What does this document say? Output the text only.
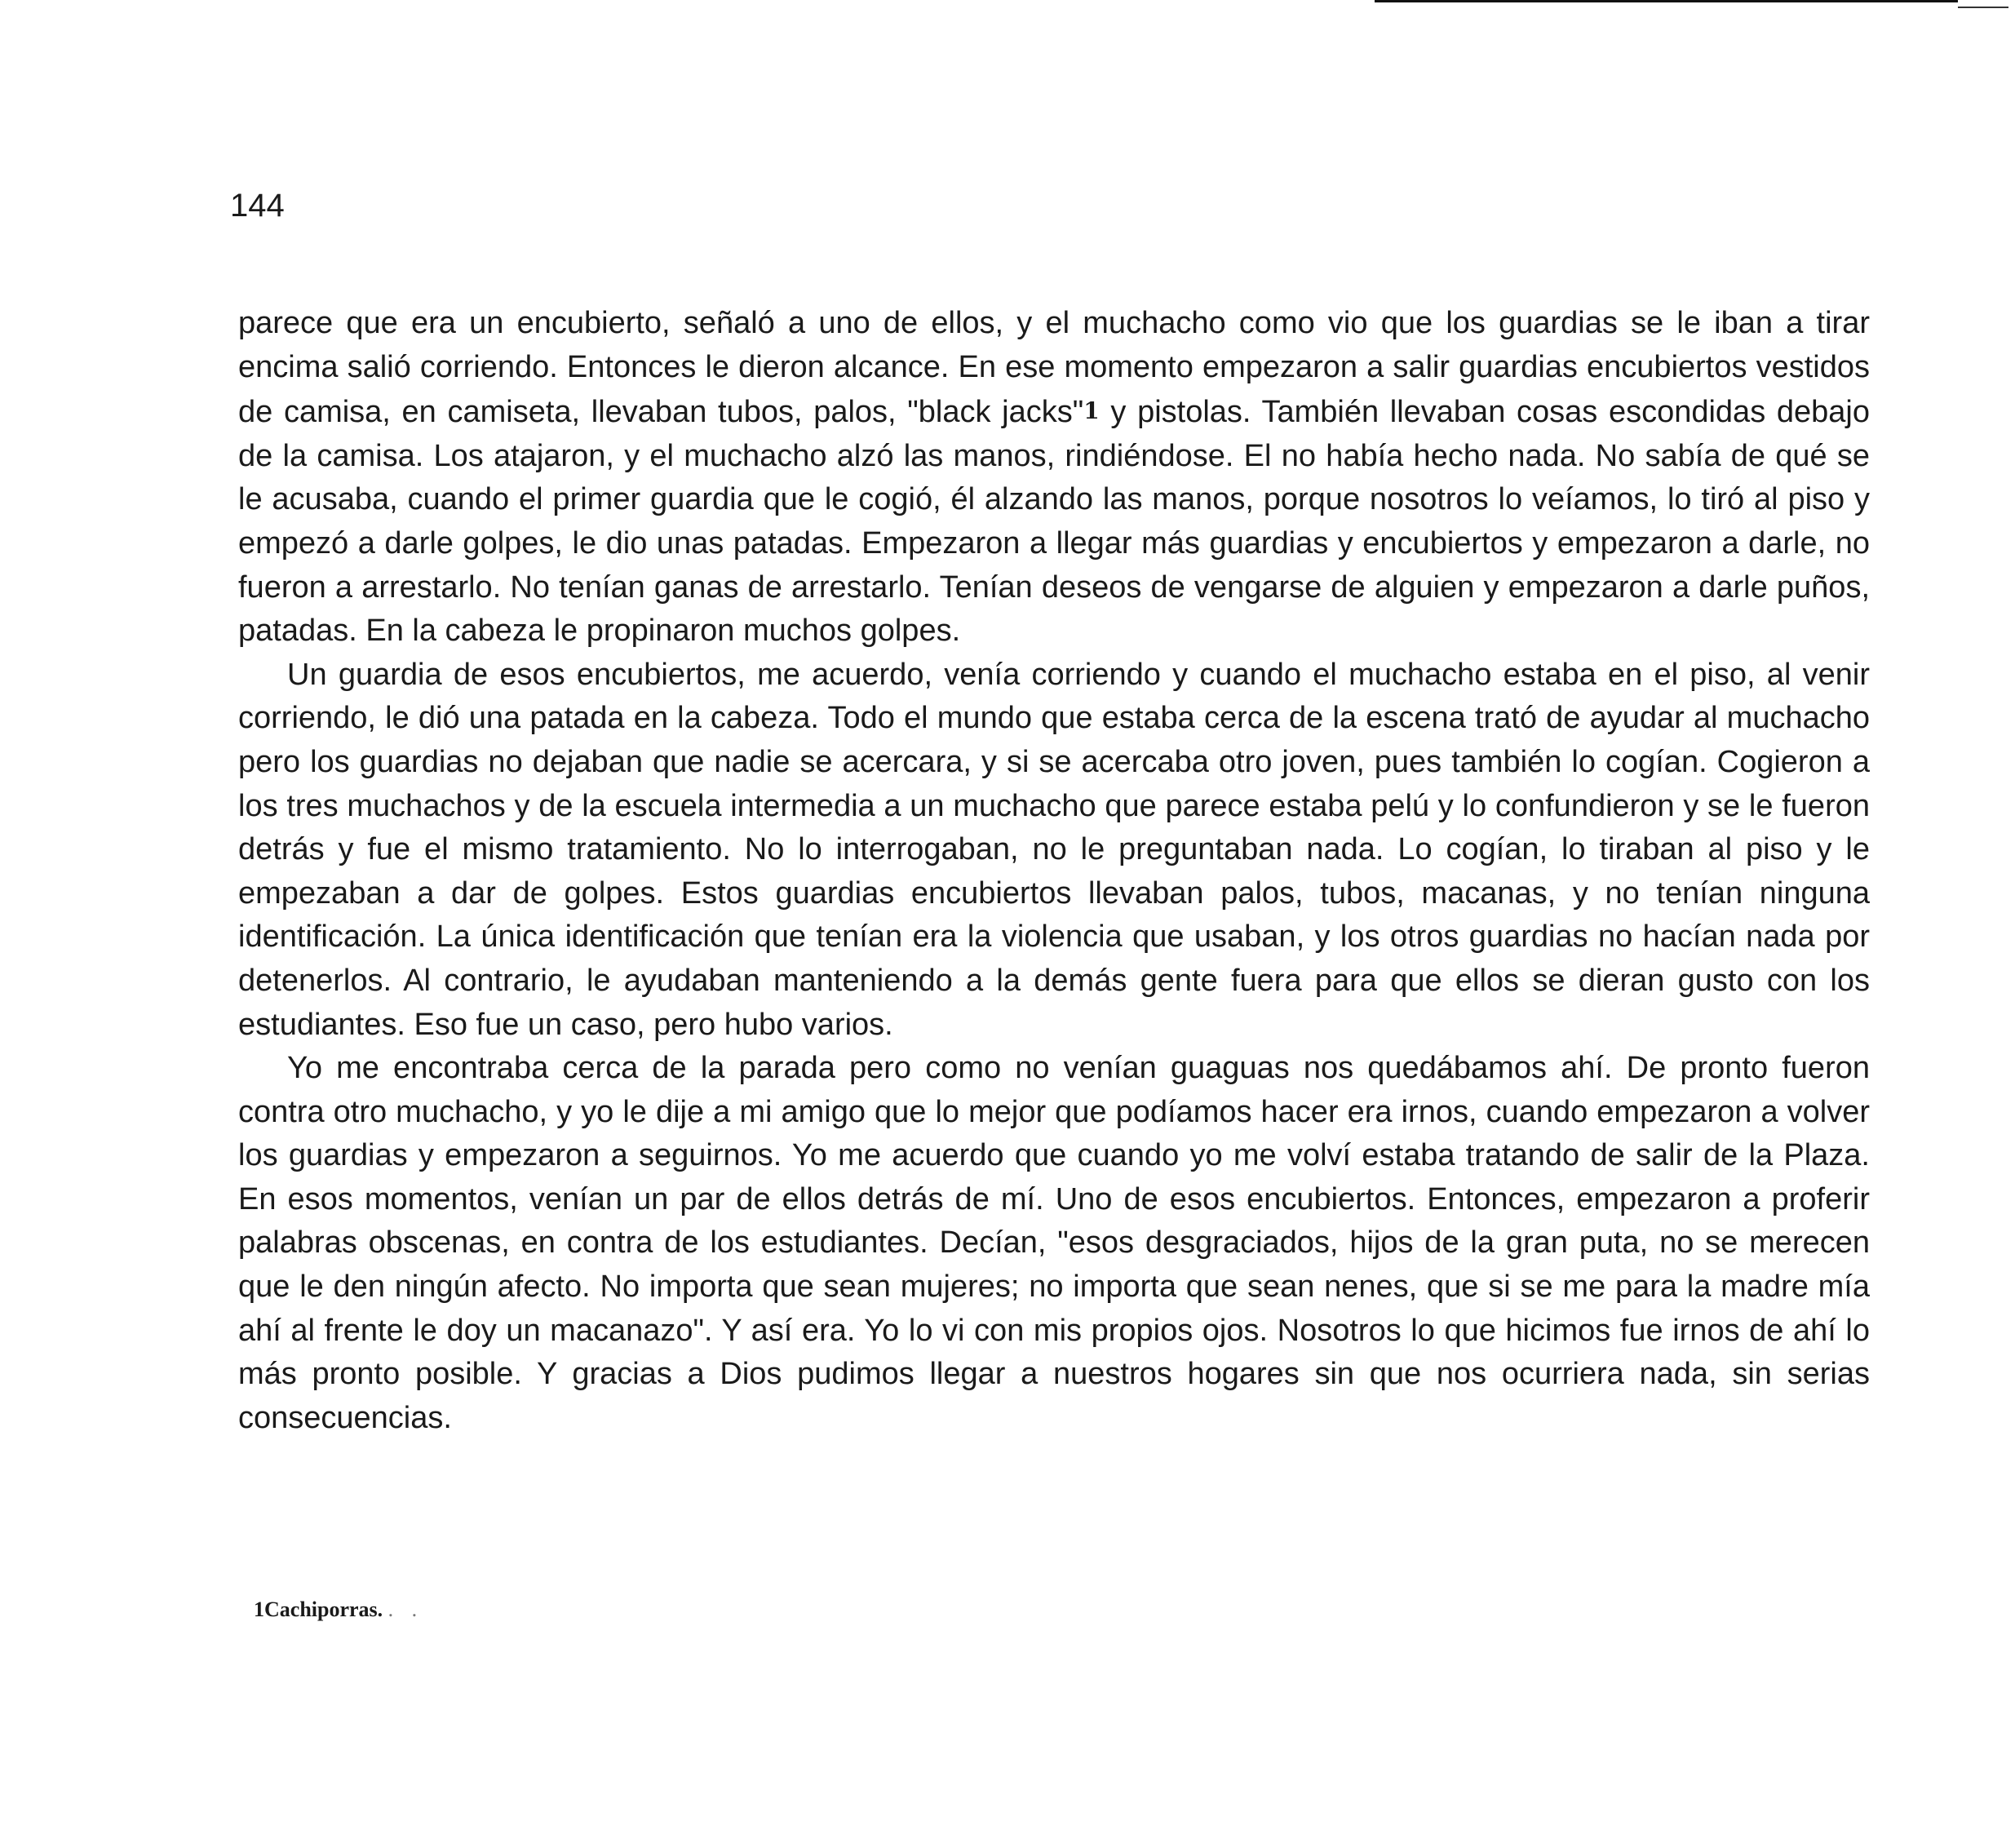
144

parece que era un encubierto, señaló a uno de ellos, y el muchacho como vio que los guardias se le iban a tirar encima salió corriendo. Entonces le dieron alcance. En ese momento empezaron a salir guardias encubiertos vestidos de camisa, en camiseta, llevaban tubos, palos, "black jacks"1 y pistolas. También llevaban cosas escondidas debajo de la camisa. Los atajaron, y el muchacho alzó las manos, rindiéndose. El no había hecho nada. No sabía de qué se le acusaba, cuando el primer guardia que le cogió, él alzando las manos, porque nosotros lo veíamos, lo tiró al piso y empezó a darle golpes, le dio unas patadas. Empezaron a llegar más guardias y encubiertos y empezaron a darle, no fueron a arrestarlo. No tenían ganas de arrestarlo. Tenían deseos de vengarse de alguien y empezaron a darle puños, patadas. En la cabeza le propinaron muchos golpes.

Un guardia de esos encubiertos, me acuerdo, venía corriendo y cuando el muchacho estaba en el piso, al venir corriendo, le dió una patada en la cabeza. Todo el mundo que estaba cerca de la escena trató de ayudar al muchacho pero los guardias no dejaban que nadie se acercara, y si se acercaba otro joven, pues también lo cogían. Cogieron a los tres muchachos y de la escuela intermedia a un muchacho que parece estaba pelú y lo confundieron y se le fueron detrás y fue el mismo tratamiento. No lo interrogaban, no le preguntaban nada. Lo cogían, lo tiraban al piso y le empezaban a dar de golpes. Estos guardias encubiertos llevaban palos, tubos, macanas, y no tenían ninguna identificación. La única identificación que tenían era la violencia que usaban, y los otros guardias no hacían nada por detenerlos. Al contrario, le ayudaban manteniendo a la demás gente fuera para que ellos se dieran gusto con los estudiantes. Eso fue un caso, pero hubo varios.

Yo me encontraba cerca de la parada pero como no venían guaguas nos quedábamos ahí. De pronto fueron contra otro muchacho, y yo le dije a mi amigo que lo mejor que podíamos hacer era irnos, cuando empezaron a volver los guardias y empezaron a seguirnos. Yo me acuerdo que cuando yo me volví estaba tratando de salir de la Plaza. En esos momentos, venían un par de ellos detrás de mí. Uno de esos encubiertos. Entonces, empezaron a proferir palabras obscenas, en contra de los estudiantes. Decían, "esos desgraciados, hijos de la gran puta, no se merecen que le den ningún afecto. No importa que sean mujeres; no importa que sean nenes, que si se me para la madre mía ahí al frente le doy un macanazo". Y así era. Yo lo vi con mis propios ojos. Nosotros lo que hicimos fue irnos de ahí lo más pronto posible. Y gracias a Dios pudimos llegar a nuestros hogares sin que nos ocurriera nada, sin serias consecuencias.

1Cachiporras. . .
